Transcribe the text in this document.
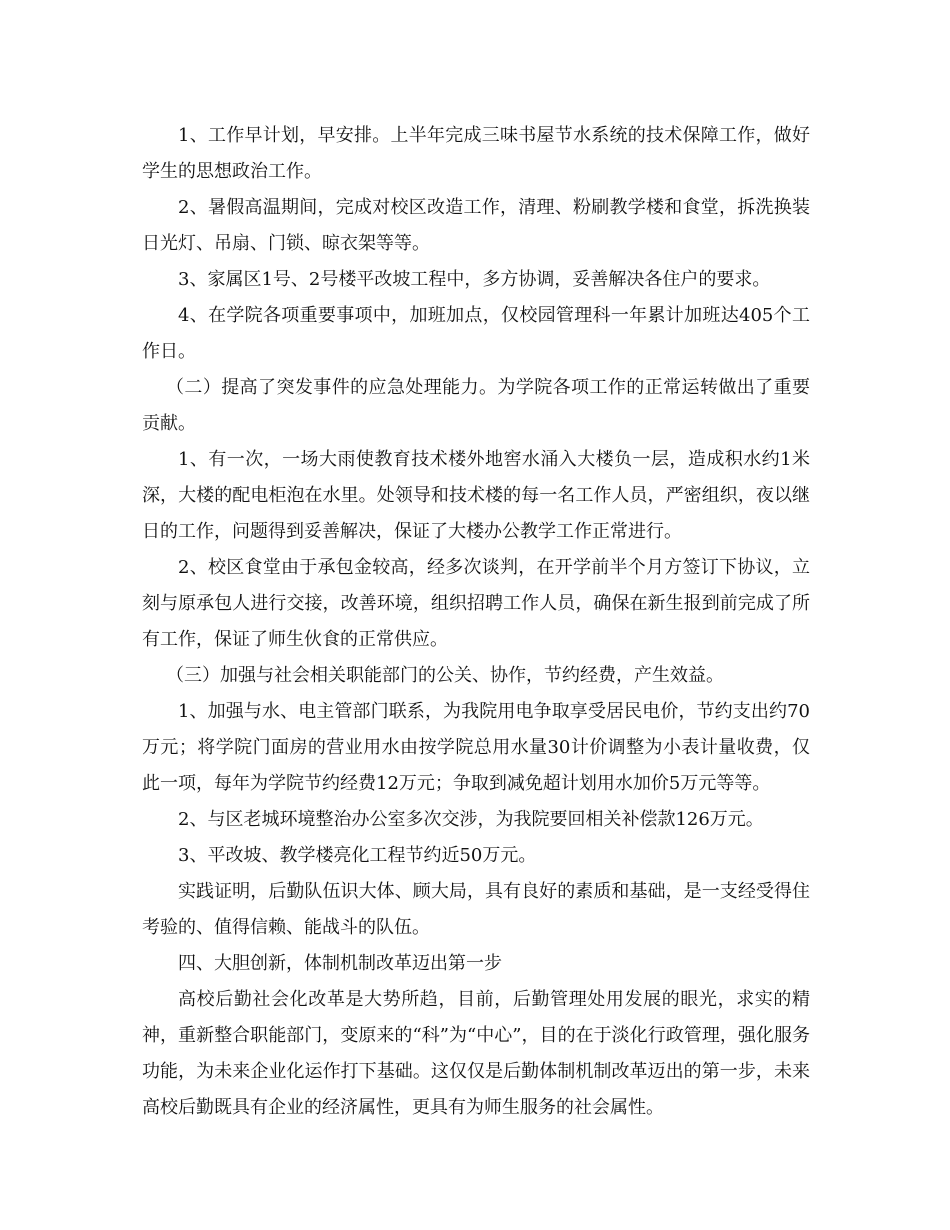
1、工作早计划，早安排。上半年完成三味书屋节水系统的技术保障工作，做好学生的思想政治工作。

2、暑假高温期间，完成对校区改造工作，清理、粉刷教学楼和食堂，拆洗换装日光灯、吊扇、门锁、晾衣架等等。

3、家属区1号、2号楼平改坡工程中，多方协调，妥善解决各住户的要求。

4、在学院各项重要事项中，加班加点，仅校园管理科一年累计加班达405个工作日。

（二）提高了突发事件的应急处理能力。为学院各项工作的正常运转做出了重要贡献。

1、有一次，一场大雨使教育技术楼外地窖水涌入大楼负一层，造成积水约1米深，大楼的配电柜泡在水里。处领导和技术楼的每一名工作人员，严密组织，夜以继日的工作，问题得到妥善解决，保证了大楼办公教学工作正常进行。

2、校区食堂由于承包金较高，经多次谈判，在开学前半个月方签订下协议，立刻与原承包人进行交接，改善环境，组织招聘工作人员，确保在新生报到前完成了所有工作，保证了师生伙食的正常供应。

（三）加强与社会相关职能部门的公关、协作，节约经费，产生效益。

1、加强与水、电主管部门联系，为我院用电争取享受居民电价，节约支出约70万元；将学院门面房的营业用水由按学院总用水量30计价调整为小表计量收费，仅此一项，每年为学院节约经费12万元；争取到减免超计划用水加价5万元等等。

2、与区老城环境整治办公室多次交涉，为我院要回相关补偿款126万元。

3、平改坡、教学楼亮化工程节约近50万元。

实践证明，后勤队伍识大体、顾大局，具有良好的素质和基础，是一支经受得住考验的、值得信赖、能战斗的队伍。

四、大胆创新，体制机制改革迈出第一步

高校后勤社会化改革是大势所趋，目前，后勤管理处用发展的眼光，求实的精神，重新整合职能部门，变原来的“科”为“中心”，目的在于淡化行政管理，强化服务功能，为未来企业化运作打下基础。这仅仅是后勤体制机制改革迈出的第一步，未来高校后勤既具有企业的经济属性，更具有为师生服务的社会属性。
